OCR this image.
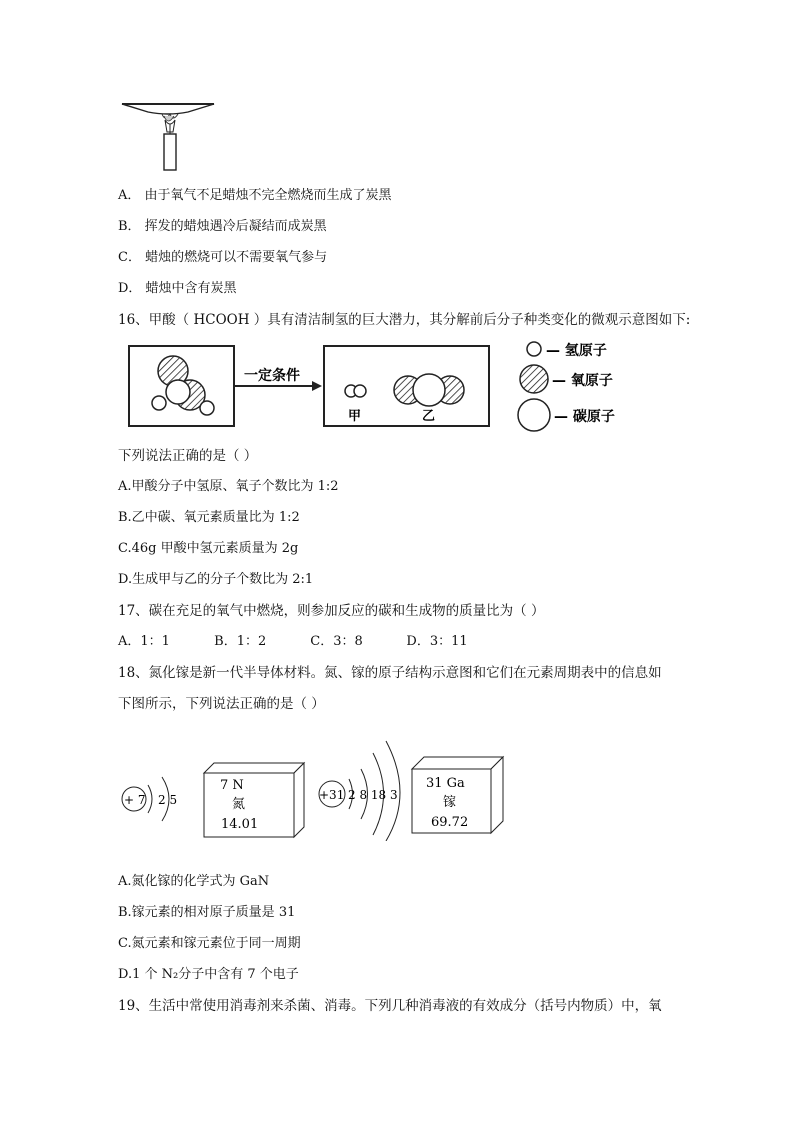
A． 由于氧气不足蜡烛不完全燃烧而生成了炭黑
B． 挥发的蜡烛遇冷后凝结而成炭黑
C． 蜡烛的燃烧可以不需要氧气参与
D． 蜡烛中含有炭黑
16、甲酸（ HCOOH ）具有清洁制氢的巨大潜力，其分解前后分子种类变化的微观示意图如下:
一定条件
甲	乙
— 氢原子
— 氧原子
— 碳原子
下列说法正确的是（ ）
A.甲酸分子中氢原、氧子个数比为 1:2
B.乙中碳、氧元素质量比为 1:2
C.46g 甲酸中氢元素质量为 2g
D.生成甲与乙的分子个数比为 2:1
17、碳在充足的氧气中燃烧，则参加反应的碳和生成物的质量比为（ ）
A．1：1	B．1：2	C．3：8	D．3：11
18、氮化镓是新一代半导体材料。氮、镓的原子结构示意图和它们在元素周期表中的信息如
下图所示，下列说法正确的是（ ）
+ 7 2 5
7 N
氮
14.01
+31 2 8 18 3
31 Ga
镓
69.72
A.氮化镓的化学式为 GaN
B.镓元素的相对原子质量是 31
C.氮元素和镓元素位于同一周期
D.1 个 N₂分子中含有 7 个电子
19、生活中常使用消毒剂来杀菌、消毒。下列几种消毒液的有效成分（括号内物质）中，氧
